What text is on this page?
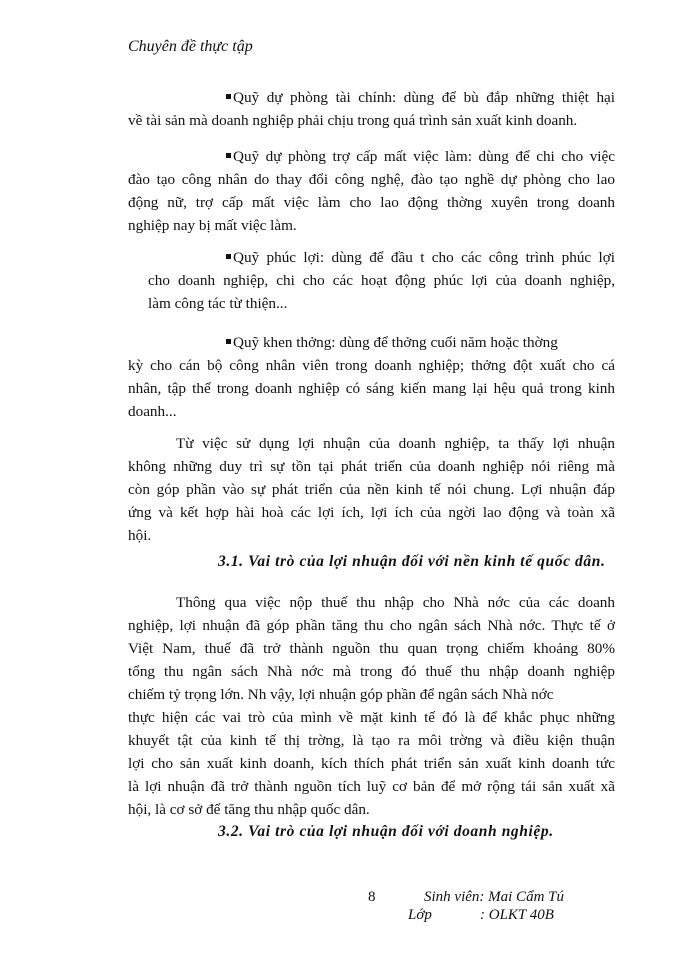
Chuyên đề thực tập
Quỹ dự phòng tài chính: dùng để bù đắp những thiệt hại
về tài sản mà doanh nghiệp phải chịu trong quá trình sản xuất kinh doanh.
Quỹ dự phòng trợ cấp mất việc làm: dùng để chi cho việc
đào tạo công nhân do thay đổi công nghệ, đào tạo nghề dự phòng cho lao
động nữ, trợ cấp mất việc làm cho lao động thờng xuyên trong doanh
nghiệp nay bị mất việc làm.
Quỹ phúc lợi: dùng để đầu t cho các công trình phúc lợi
cho doanh nghiệp, chi cho các hoạt động phúc lợi của doanh nghiệp,
làm công tác từ thiện...
Quỹ khen thởng: dùng để thởng cuối năm hoặc thờng
kỳ cho cán bộ công nhân viên trong doanh nghiệp; thởng đột xuất cho cá
nhân, tập thể trong doanh nghiệp có sáng kiến mang lại hệu quả trong kinh
doanh...
Từ việc sử dụng lợi nhuận của doanh nghiệp, ta thấy lợi nhuận
không những duy trì sự tồn tại phát triển của doanh nghiệp nói riêng mà
còn góp phần vào sự phát triển của nền kinh tế nói chung. Lợi nhuận đáp
ứng và kết hợp hài hoà các lợi ích, lợi ích của ngời lao động và toàn xã
hội.
3.1. Vai trò của lợi nhuận đối với nền kinh tế quốc dân.
Thông qua việc nộp thuế thu nhập cho Nhà nớc của các doanh
nghiệp, lợi nhuận đã góp phần tăng thu cho ngân sách Nhà nớc. Thực tế ở
Việt Nam, thuế đã trở thành nguồn thu quan trọng chiếm khoảng 80%
tổng thu ngân sách Nhà nớc mà trong đó thuế thu nhập doanh nghiệp
chiếm tỷ trọng lớn. Nh vậy, lợi nhuận góp phần để ngân sách Nhà nớc
thực hiện các vai trò của mình về mặt kinh tế đó là để khắc phục những
khuyết tật của kinh tế thị trờng, là tạo ra môi trờng và điều kiện thuận
lợi cho sản xuất kinh doanh, kích thích phát triển sản xuất kinh doanh tức
là lợi nhuận đã trở thành nguồn tích luỹ cơ bản để mở rộng tái sản xuất xã
hội, là cơ sở để tăng thu nhập quốc dân.
3.2. Vai trò của lợi nhuận đối với doanh nghiệp.
8	Sinh viên: Mai Cẩm Tú
Lớp	: OLKT 40B
